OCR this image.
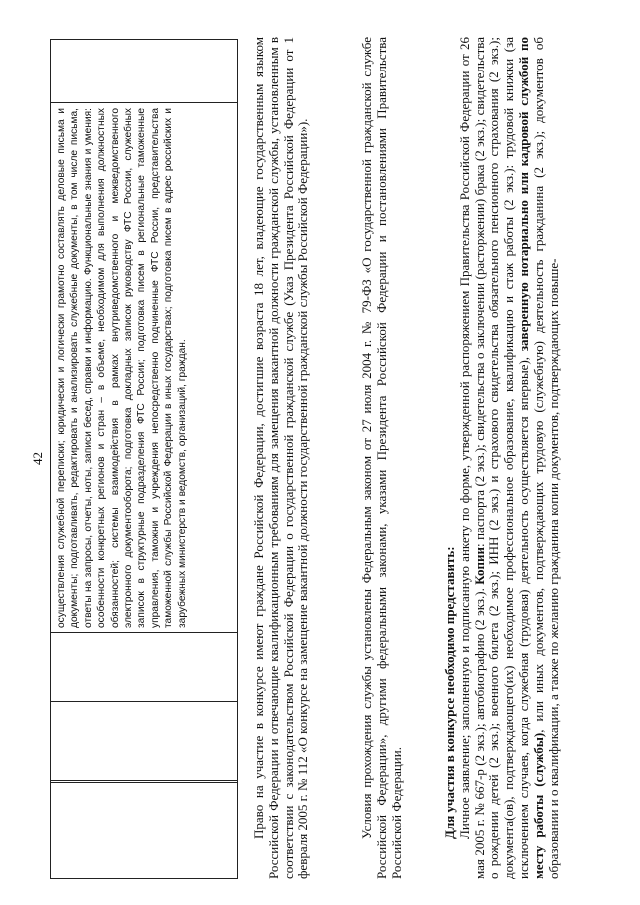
42 осуществления служебной переписки; юридически и логически грамотно составлять деловые письма и документы; подготавливать, редактировать и анализировать служебные документы, в том числе письма, ответы на запросы, отчеты, ноты, записи бесед, справки и информацию. Функциональные знания и умения: особенности конкретных регионов и стран – в объеме, необходимом для выполнения должностных обязанностей; системы взаимодействия в рамках внутриведомственного и межведомственного электронного документооборота; подготовка докладных записок руководству ФТС России, служебных записок в структурные подразделения ФТС России; подготовка писем в региональные таможенные управления, таможни и учреждения непосредственно подчиненные ФТС России, представительства таможенной службы Российской Федерации в иных государствах; подготовка писем в адрес российских и зарубежных министерств и ведомств, организаций, граждан.	Право на участие в конкурсе имеют граждане Российской Федерации, достигшие возраста 18 лет, владеющие государственным языком Российской Федерации и отвечающие квалификационным требованиям для замещения вакантной должности гражданской службы, установленным в соответствии с законодательством Российской Федерации о государственной гражданской службе (Указ Президента Российской Федерации от 1 февраля 2005 г. № 112 «О конкурсе на замещение вакантной должности государственной гражданской службы Российской Федерации»).	Условия прохождения службы установлены Федеральным законом от 27 июля 2004 г. № 79-ФЗ «О государственной гражданской службе Российской Федерации», другими федеральными законами, указами Президента Российской Федерации и постановлениями Правительства Российской Федерации.	Для участия в конкурсе необходимо представить: Личное заявление; заполненную и подписанную анкету по форме, утвержденной распоряжением Правительства Российской Федерации от 26 мая 2005 г. № 667-р (2 экз.); автобиографию (2 экз.). Копии: паспорта (2 экз.); свидетельства о заключении (расторжении) брака (2 экз.); свидетельства о рождении детей (2 экз.); военного билета (2 экз.); ИНН (2 экз.) и страхового свидетельства обязательного пенсионного страхования (2 экз.); документа(ов), подтверждающего(их) необходимое профессиональное образование, квалификацию и стаж работы (2 экз.): трудовой книжки (за исключением случаев, когда служебная (трудовая) деятельность осуществляется впервые), заверенную нотариально или кадровой службой по месту работы (службы), или иных документов, подтверждающих трудовую (служебную) деятельность гражданина (2 экз.); документов об образовании и о квалификации, а также по желанию гражданина копии документов, подтверждающих повыше-
